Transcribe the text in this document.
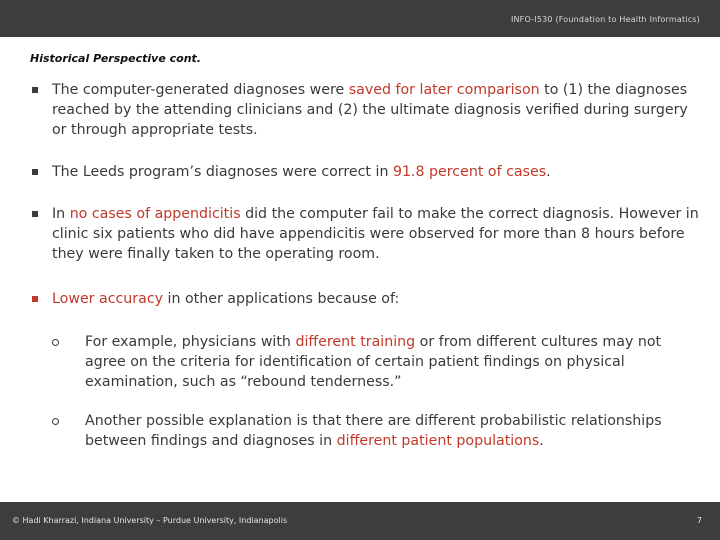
INFO-I530 (Foundation to Health Informatics)
Historical Perspective cont.
The computer-generated diagnoses were saved for later comparison to (1) the diagnoses reached by the attending clinicians and (2) the ultimate diagnosis verified during surgery or through appropriate tests.
The Leeds program’s diagnoses were correct in 91.8 percent of cases.
In no cases of appendicitis did the computer fail to make the correct diagnosis. However in clinic six patients who did have appendicitis were observed for more than 8 hours before they were finally taken to the operating room.
Lower accuracy in other applications because of:
For example, physicians with different training or from different cultures may not agree on the criteria for identification of certain patient findings on physical examination, such as “rebound tenderness.”
Another possible explanation is that there are different probabilistic relationships between findings and diagnoses in different patient populations.
© Hadi Kharrazi, Indiana University – Purdue University, Indianapolis	7
